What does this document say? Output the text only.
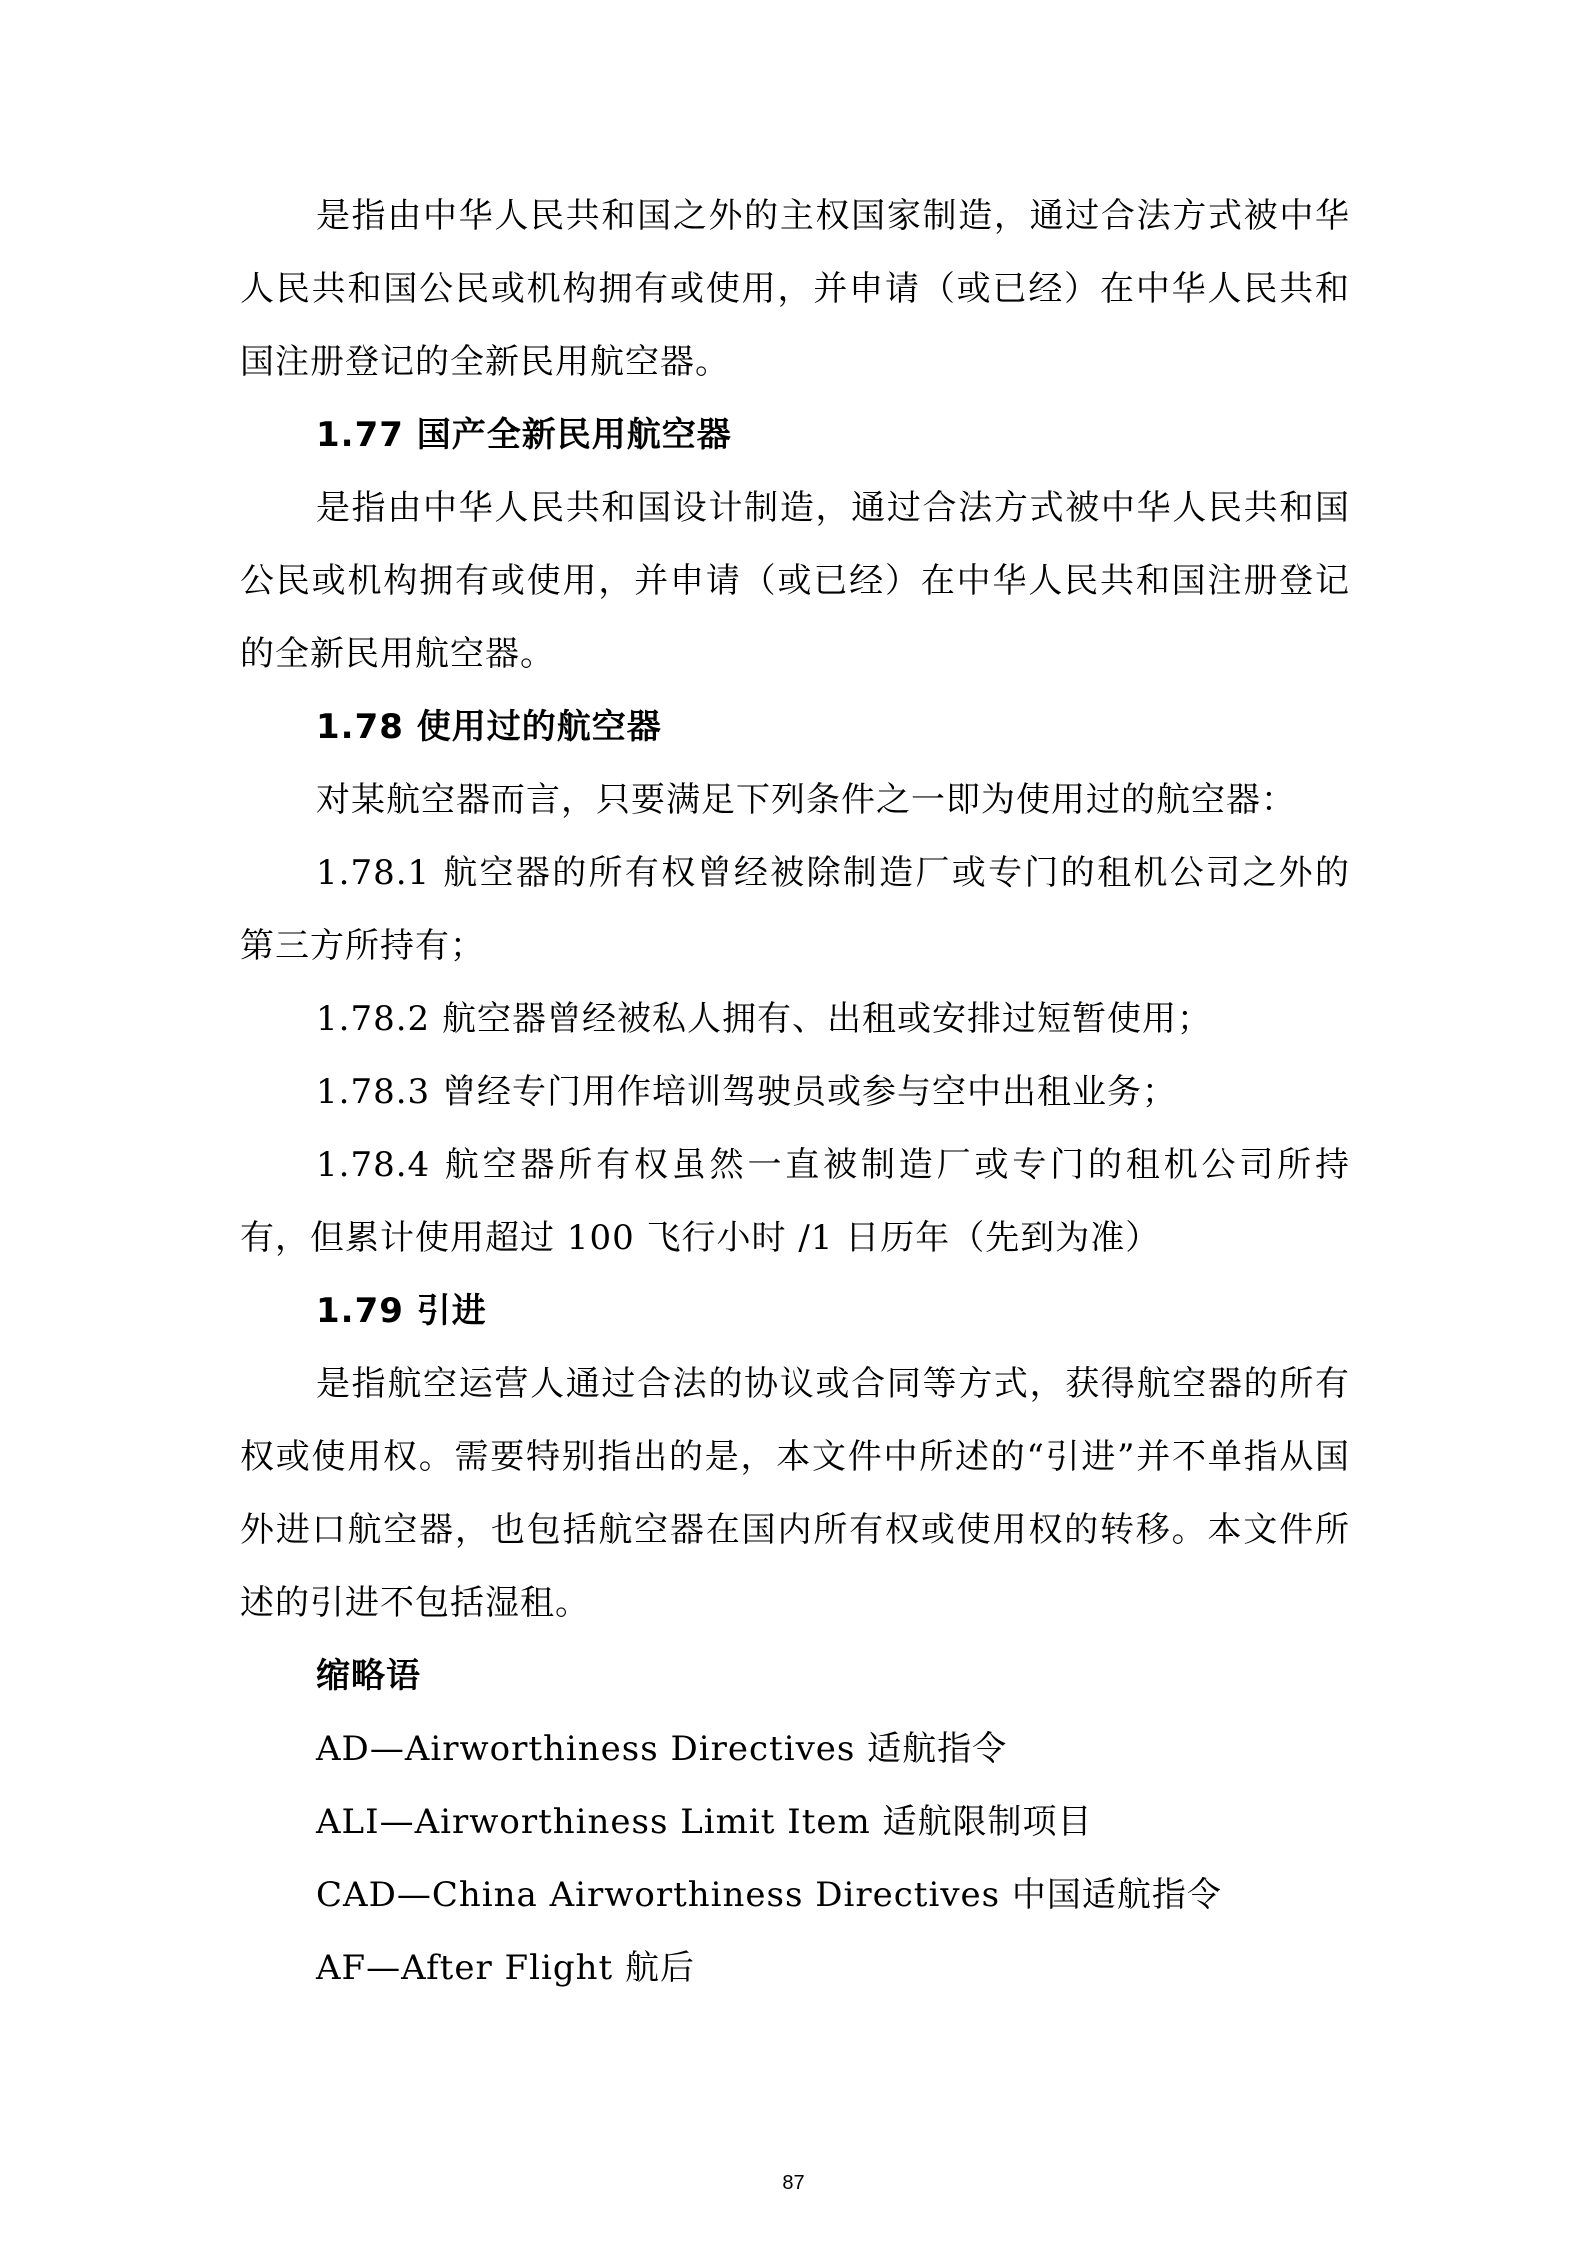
是指由中华人民共和国之外的主权国家制造，通过合法方式被中华人民共和国公民或机构拥有或使用，并申请（或已经）在中华人民共和国注册登记的全新民用航空器。

1.77 国产全新民用航空器

是指由中华人民共和国设计制造，通过合法方式被中华人民共和国公民或机构拥有或使用，并申请（或已经）在中华人民共和国注册登记的全新民用航空器。

1.78 使用过的航空器

对某航空器而言，只要满足下列条件之一即为使用过的航空器：

1.78.1 航空器的所有权曾经被除制造厂或专门的租机公司之外的第三方所持有；

1.78.2 航空器曾经被私人拥有、出租或安排过短暂使用；

1.78.3 曾经专门用作培训驾驶员或参与空中出租业务；

1.78.4 航空器所有权虽然一直被制造厂或专门的租机公司所持有，但累计使用超过 100 飞行小时 /1 日历年（先到为准）

1.79 引进

是指航空运营人通过合法的协议或合同等方式，获得航空器的所有权或使用权。需要特别指出的是，本文件中所述的“引进”并不单指从国外进口航空器，也包括航空器在国内所有权或使用权的转移。本文件所述的引进不包括湿租。

缩略语

AD—Airworthiness Directives 适航指令

ALI—Airworthiness Limit Item 适航限制项目

CAD—China Airworthiness Directives 中国适航指令

AF—After Flight 航后

87
